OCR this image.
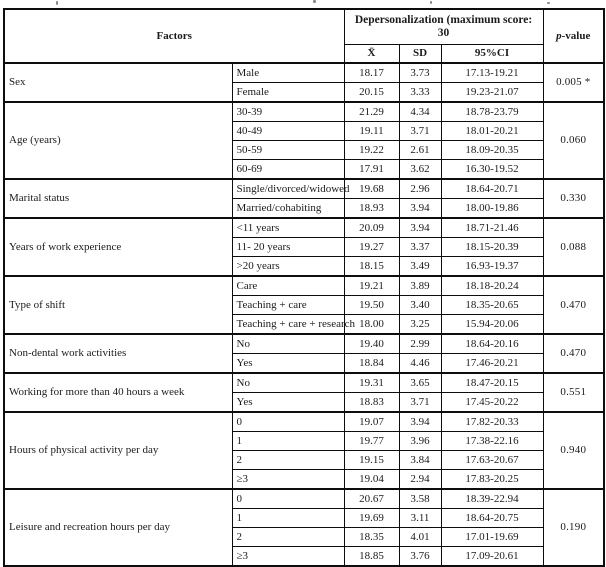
Factors		Depersonalization (maximum score: 30			p-value
		X̄	SD	95%CI	
Sex	Male	18.17	3.73	17.13-19.21	0.005 *
	Female	20.15	3.33	19.23-21.07	
Age (years)	30-39	21.29	4.34	18.78-23.79	0.060
	40-49	19.11	3.71	18.01-20.21	
	50-59	19.22	2.61	18.09-20.35	
	60-69	17.91	3.62	16.30-19.52	
Marital status	Single/divorced/widowed	19.68	2.96	18.64-20.71	0.330
	Married/cohabiting	18.93	3.94	18.00-19.86	
Years of work experience	<11 years	20.09	3.94	18.71-21.46	0.088
	11- 20 years	19.27	3.37	18.15-20.39	
	>20 years	18.15	3.49	16.93-19.37	
Type of shift	Care	19.21	3.89	18.18-20.24	0.470
	Teaching + care	19.50	3.40	18.35-20.65	
	Teaching + care + research	18.00	3.25	15.94-20.06	
Non-dental work activities	No	19.40	2.99	18.64-20.16	0.470
	Yes	18.84	4.46	17.46-20.21	
Working for more than 40 hours a week	No	19.31	3.65	18.47-20.15	0.551
	Yes	18.83	3.71	17.45-20.22	
Hours of physical activity per day	0	19.07	3.94	17.82-20.33	0.940
	1	19.77	3.96	17.38-22.16	
	2	19.15	3.84	17.63-20.67	
	≥3	19.04	2.94	17.83-20.25	
Leisure and recreation hours per day	0	20.67	3.58	18.39-22.94	0.190
	1	19.69	3.11	18.64-20.75	
	2	18.35	4.01	17.01-19.69	
	≥3	18.85	3.76	17.09-20.61	
